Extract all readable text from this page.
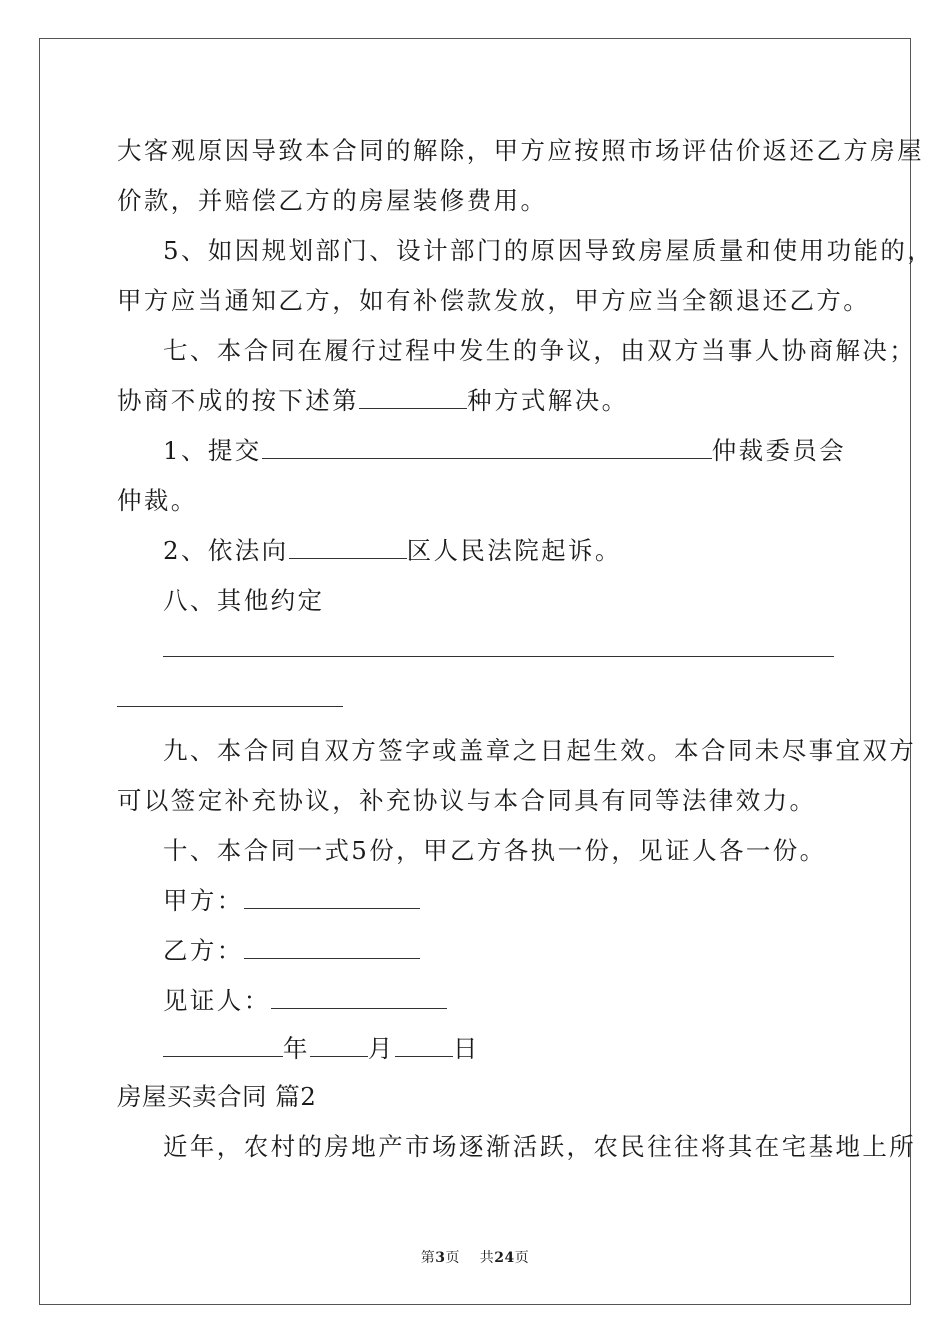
大客观原因导致本合同的解除，甲方应按照市场评估价返还乙方房屋
价款，并赔偿乙方的房屋装修费用。
5、如因规划部门、设计部门的原因导致房屋质量和使用功能的，
甲方应当通知乙方，如有补偿款发放，甲方应当全额退还乙方。
七、本合同在履行过程中发生的争议，由双方当事人协商解决；
协商不成的按下述第	种方式解决。
1、提交	仲裁委员会
仲裁。
2、依法向	区人民法院起诉。
八、其他约定
九、本合同自双方签字或盖章之日起生效。本合同未尽事宜双方
可以签定补充协议，补充协议与本合同具有同等法律效力。
十、本合同一式5份，甲乙方各执一份，见证人各一份。
甲方：
乙方：
见证人：
年 月 日
房屋买卖合同 篇2
近年，农村的房地产市场逐渐活跃，农民往往将其在宅基地上所
第3页    共24页
